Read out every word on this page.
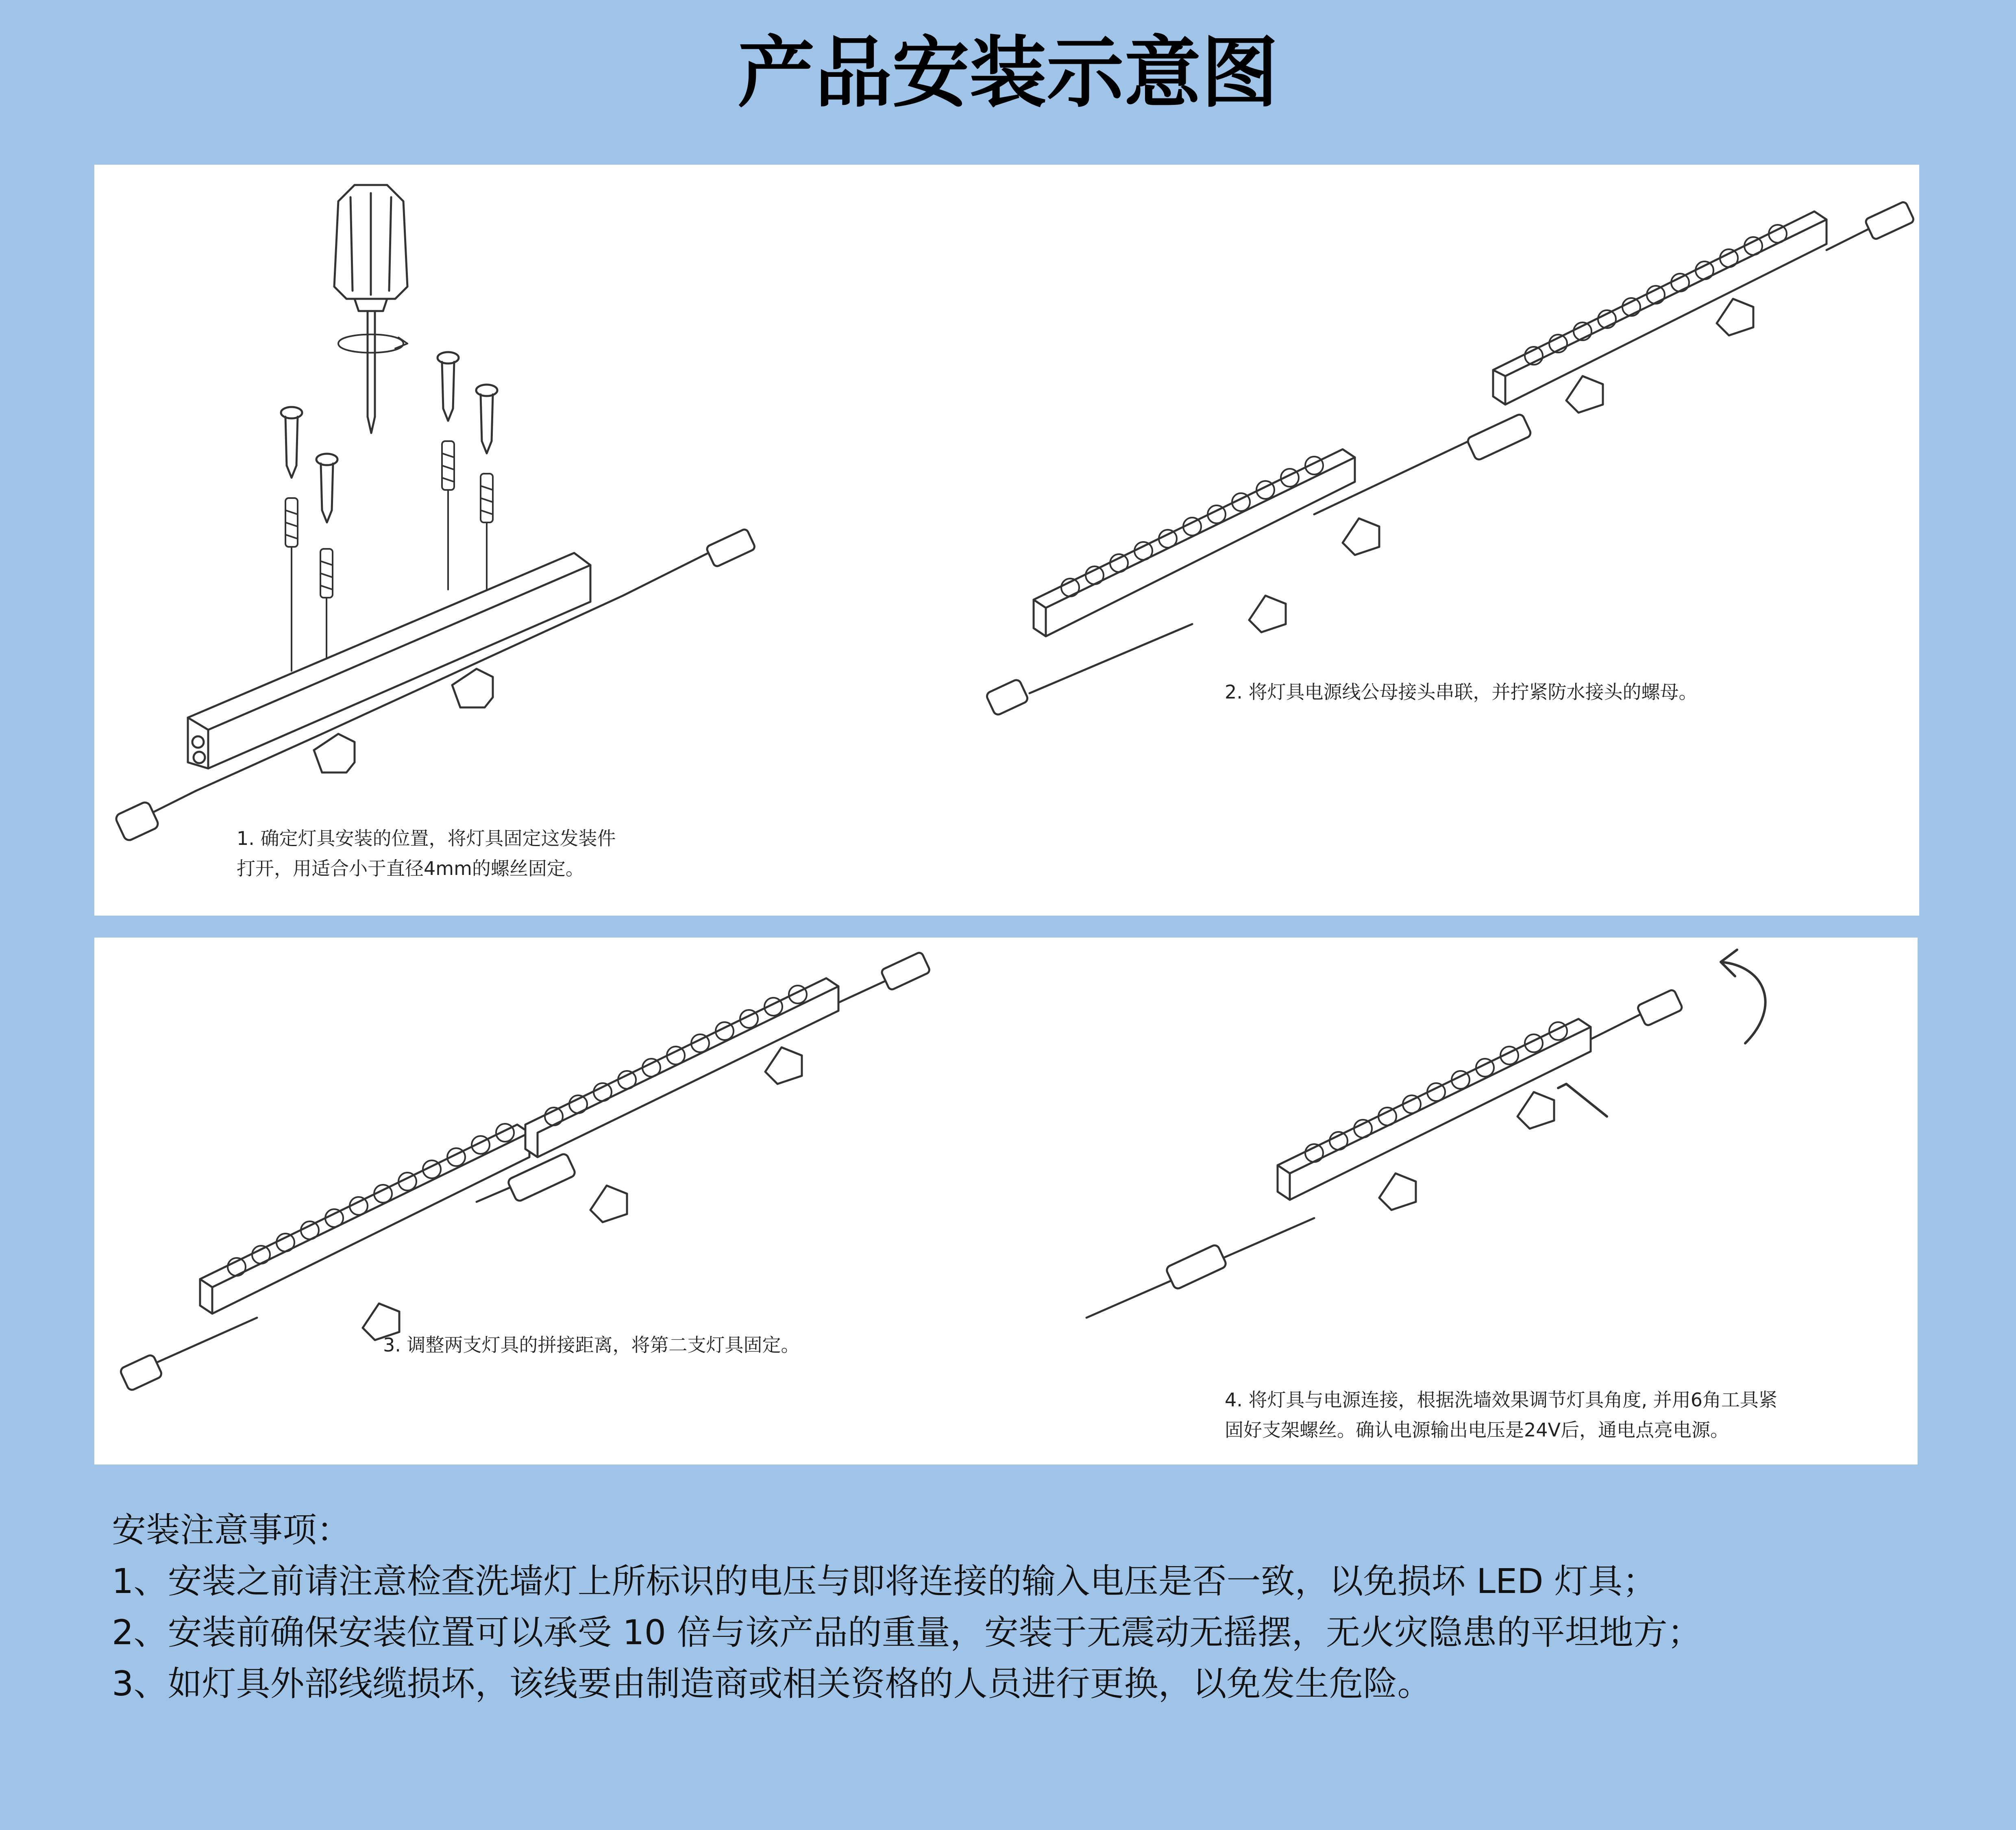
产品安装示意图
1. 确定灯具安装的位置，将灯具固定这发装件
打开，用适合小于直径4mm的螺丝固定。
2. 将灯具电源线公母接头串联，并拧紧防水接头的螺母。
3. 调整两支灯具的拼接距离，将第二支灯具固定。
4. 将灯具与电源连接，根据洗墙效果调节灯具角度, 并用6角工具紧
固好支架螺丝。确认电源输出电压是24V后，通电点亮电源。
安装注意事项：
1、安装之前请注意检查洗墙灯上所标识的电压与即将连接的输入电压是否一致，以免损坏 LED 灯具；
2、安装前确保安装位置可以承受 10 倍与该产品的重量，安装于无震动无摇摆，无火灾隐患的平坦地方；
3、如灯具外部线缆损坏，该线要由制造商或相关资格的人员进行更换，以免发生危险。
